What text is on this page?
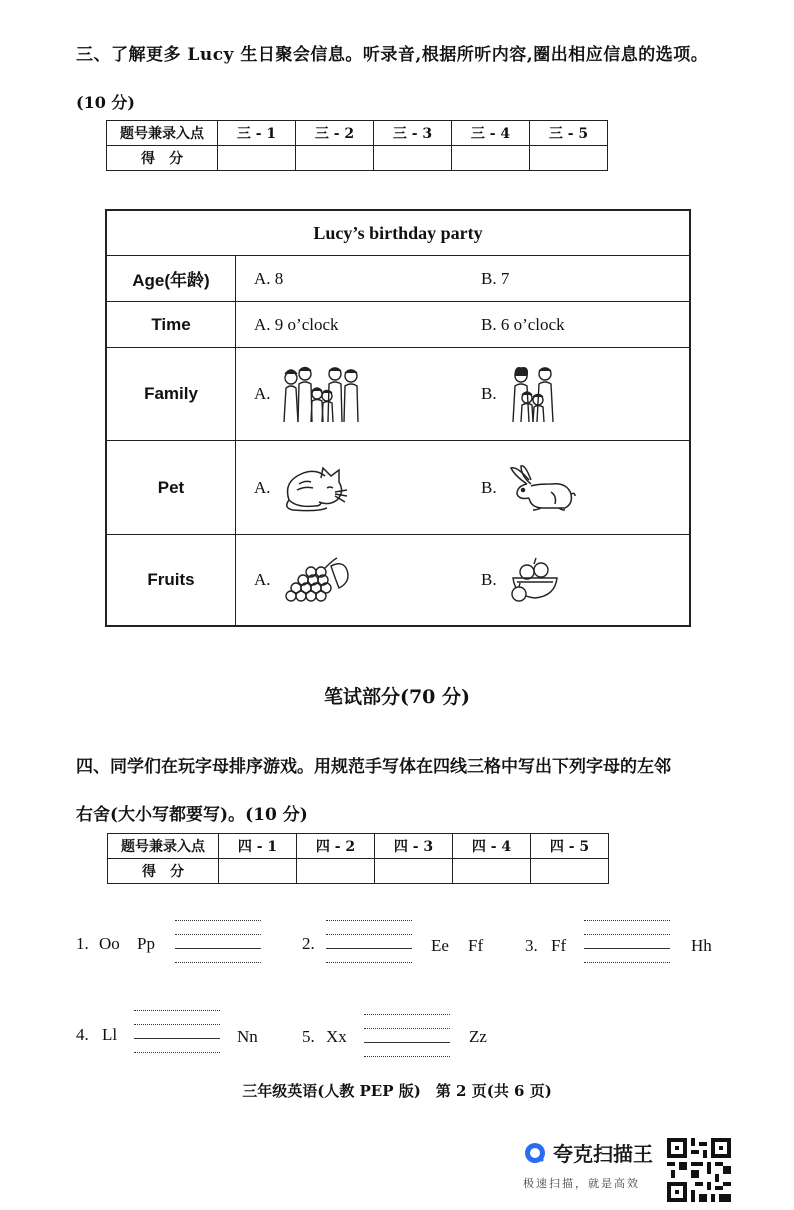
三、了解更多 Lucy 生日聚会信息。听录音,根据所听内容,圈出相应信息的选项。
(10 分)
题号兼录入点	三 - 1	三 - 2	三 - 3	三 - 4	三 - 5
得　分					
Lucy’s birthday party	
Age(年龄)	A. 8 B. 7

Time	A. 9 o’clock B. 6 o’clock

Family	A. B.

Pet	A. B.

Fruits	A. B.
笔试部分(70 分)
四、同学们在玩字母排序游戏。用规范手写体在四线三格中写出下列字母的左邻
右舍(大小写都要写)。(10 分)
题号兼录入点	四 - 1	四 - 2	四 - 3	四 - 4	四 - 5
得　分					
1. Oo Pp	2.	Ee Ff 3. Ff	Hh
4. Ll	Nn	5. Xx	Zz
三年级英语(人教 PEP 版)　第 2 页(共 6 页)
夸克扫描王
极速扫描，就是高效
